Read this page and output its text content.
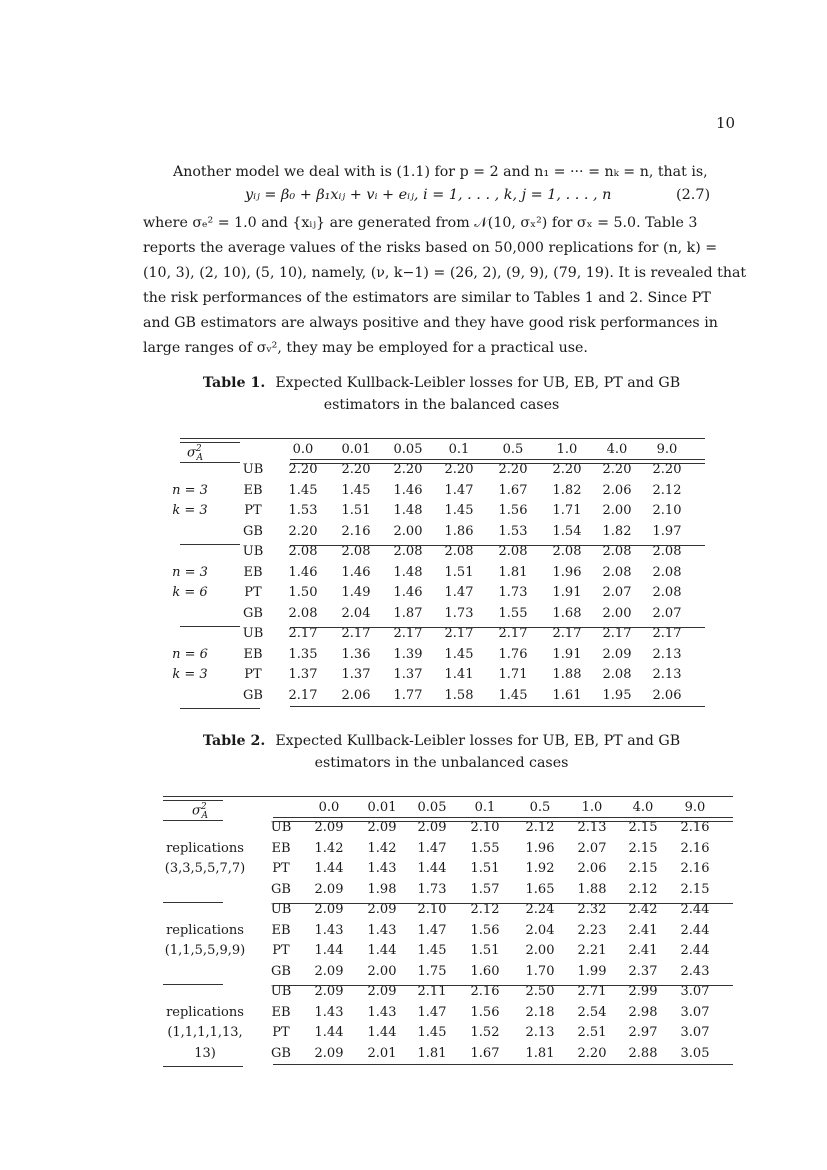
10
Another model we deal with is (1.1) for p = 2 and n₁ = ··· = nₖ = n, that is,
yᵢⱼ = β₀ + β₁xᵢⱼ + vᵢ + eᵢⱼ, i = 1, . . . , k, j = 1, . . . , n	(2.7)
where σₑ² = 1.0 and {xᵢⱼ} are generated from 𝒩(10, σₓ²) for σₓ = 5.0. Table 3
reports the average values of the risks based on 50,000 replications for (n, k) =
(10, 3), (2, 10), (5, 10), namely, (ν, k−1) = (26, 2), (9, 9), (79, 19). It is revealed that
the risk performances of the estimators are similar to Tables 1 and 2. Since PT
and GB estimators are always positive and they have good risk performances in
large ranges of σᵥ², they may be employed for a practical use.
Table 1. Expected Kullback-Leibler losses for UB, EB, PT and GB
estimators in the balanced cases
$\sigma^2_A$
0.0	0.01	0.05	0.1	0.5	1.0	4.0	9.0
UB	2.20	2.20	2.20	2.20	2.20	2.20	2.20	2.20
EB	1.45	1.45	1.46	1.47	1.67	1.82	2.06	2.12
PT	1.53	1.51	1.48	1.45	1.56	1.71	2.00	2.10
GB	2.20	2.16	2.00	1.86	1.53	1.54	1.82	1.97
n = 3
k = 3
UB	2.08	2.08	2.08	2.08	2.08	2.08	2.08	2.08
EB	1.46	1.46	1.48	1.51	1.81	1.96	2.08	2.08
PT	1.50	1.49	1.46	1.47	1.73	1.91	2.07	2.08
GB	2.08	2.04	1.87	1.73	1.55	1.68	2.00	2.07
n = 3
k = 6
UB	2.17	2.17	2.17	2.17	2.17	2.17	2.17	2.17
EB	1.35	1.36	1.39	1.45	1.76	1.91	2.09	2.13
PT	1.37	1.37	1.37	1.41	1.71	1.88	2.08	2.13
GB	2.17	2.06	1.77	1.58	1.45	1.61	1.95	2.06
n = 6
k = 3
Table 2. Expected Kullback-Leibler losses for UB, EB, PT and GB
estimators in the unbalanced cases
$\sigma^2_A$
0.0	0.01	0.05	0.1	0.5	1.0	4.0	9.0
UB	2.09	2.09	2.09	2.10	2.12	2.13	2.15	2.16
EB	1.42	1.42	1.47	1.55	1.96	2.07	2.15	2.16
PT	1.44	1.43	1.44	1.51	1.92	2.06	2.15	2.16
GB	2.09	1.98	1.73	1.57	1.65	1.88	2.12	2.15
replications
(3,3,5,5,7,7)
UB	2.09	2.09	2.10	2.12	2.24	2.32	2.42	2.44
EB	1.43	1.43	1.47	1.56	2.04	2.23	2.41	2.44
PT	1.44	1.44	1.45	1.51	2.00	2.21	2.41	2.44
GB	2.09	2.00	1.75	1.60	1.70	1.99	2.37	2.43
replications
(1,1,5,5,9,9)
UB	2.09	2.09	2.11	2.16	2.50	2.71	2.99	3.07
EB	1.43	1.43	1.47	1.56	2.18	2.54	2.98	3.07
PT	1.44	1.44	1.45	1.52	2.13	2.51	2.97	3.07
GB	2.09	2.01	1.81	1.67	1.81	2.20	2.88	3.05
replications
(1,1,1,1,13,
13)
